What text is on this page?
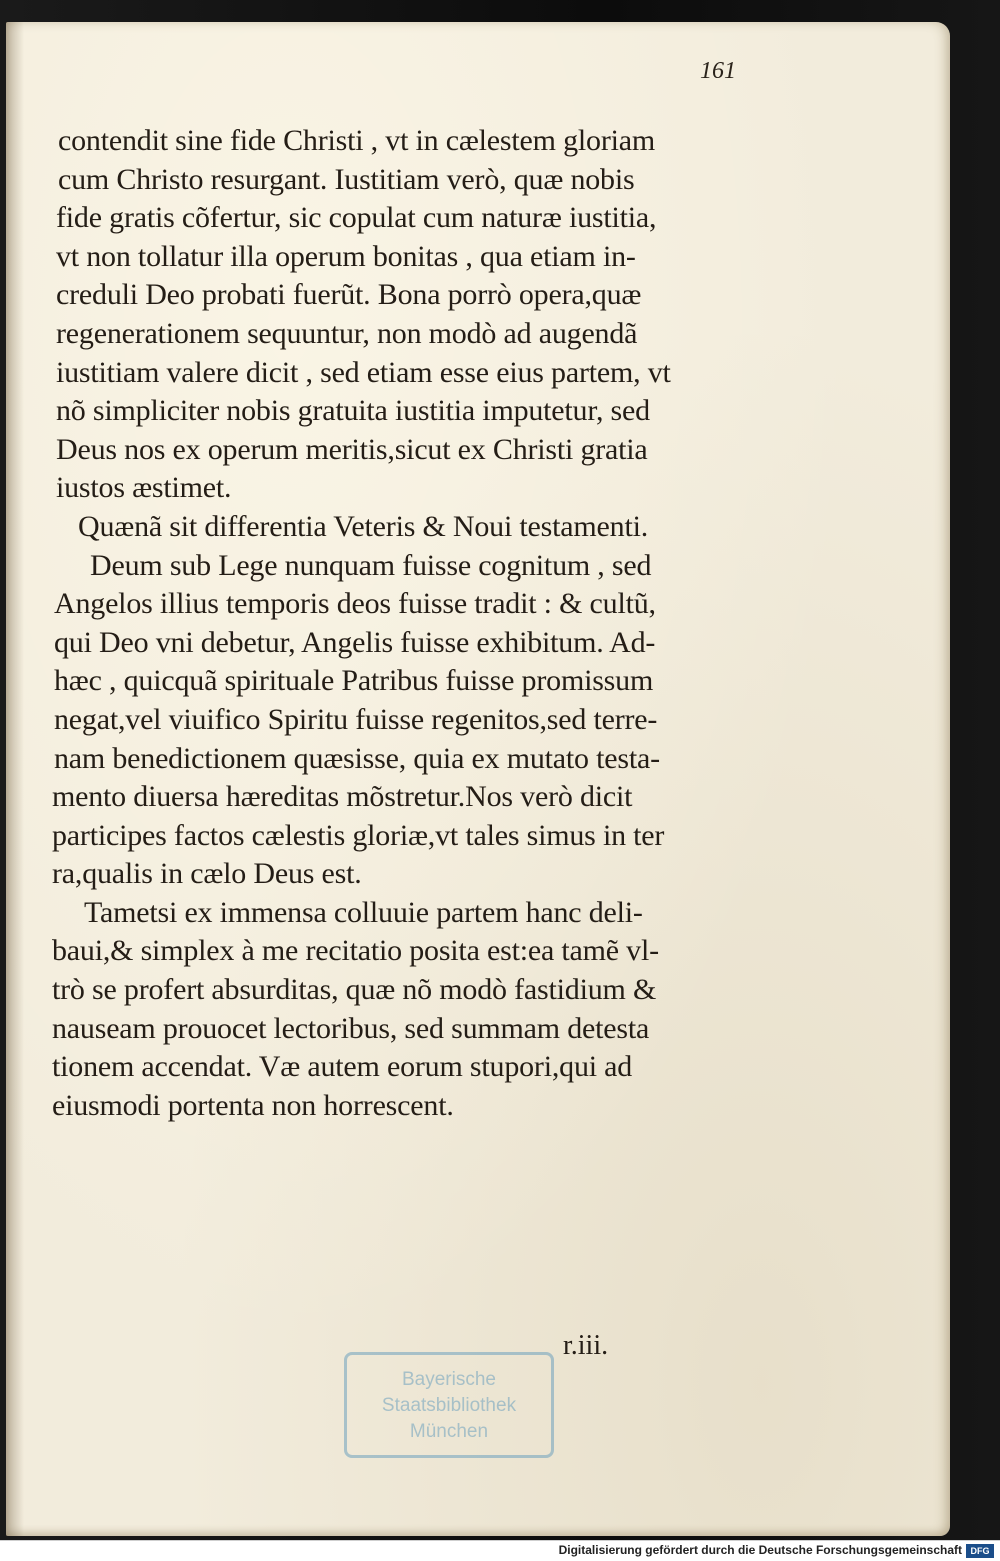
161
contendit sine fide Christi , vt in cælestem gloriam
cum Christo resurgant. Iustitiam verò, quæ nobis
fide gratis cõfertur, sic copulat cum naturæ iustitia,
vt non tollatur illa operum bonitas , qua etiam in-
creduli Deo probati fuerũt. Bona porrò opera,quæ
regenerationem sequuntur, non modò ad augendã
iustitiam valere dicit , sed etiam esse eius partem, vt
nõ simpliciter nobis gratuita iustitia imputetur, sed
Deus nos ex operum meritis,sicut ex Christi gratia
iustos æstimet.
Quænã sit differentia Veteris & Noui testamenti.
Deum sub Lege nunquam fuisse cognitum , sed
Angelos illius temporis deos fuisse tradit : & cultũ,
qui Deo vni debetur, Angelis fuisse exhibitum. Ad-
hæc , quicquã spirituale Patribus fuisse promissum
negat,vel viuifico Spiritu fuisse regenitos,sed terre-
nam benedictionem quæsisse, quia ex mutato testa-
mento diuersa hæreditas mõstretur.Nos verò dicit
participes factos cælestis gloriæ,vt tales simus in ter
ra,qualis in cælo Deus est.
Tametsi ex immensa colluuie partem hanc deli-
baui,& simplex à me recitatio posita est:ea tamẽ vl-
trò se profert absurditas, quæ nõ modò fastidium &
nauseam prouocet lectoribus, sed summam detesta
tionem accendat. Væ autem eorum stupori,qui ad
eiusmodi portenta non horrescent.
r.iii.
Bayerische
Staatsbibliothek
München
Digitalisierung gefördert durch die Deutsche Forschungsgemeinschaft DFG
